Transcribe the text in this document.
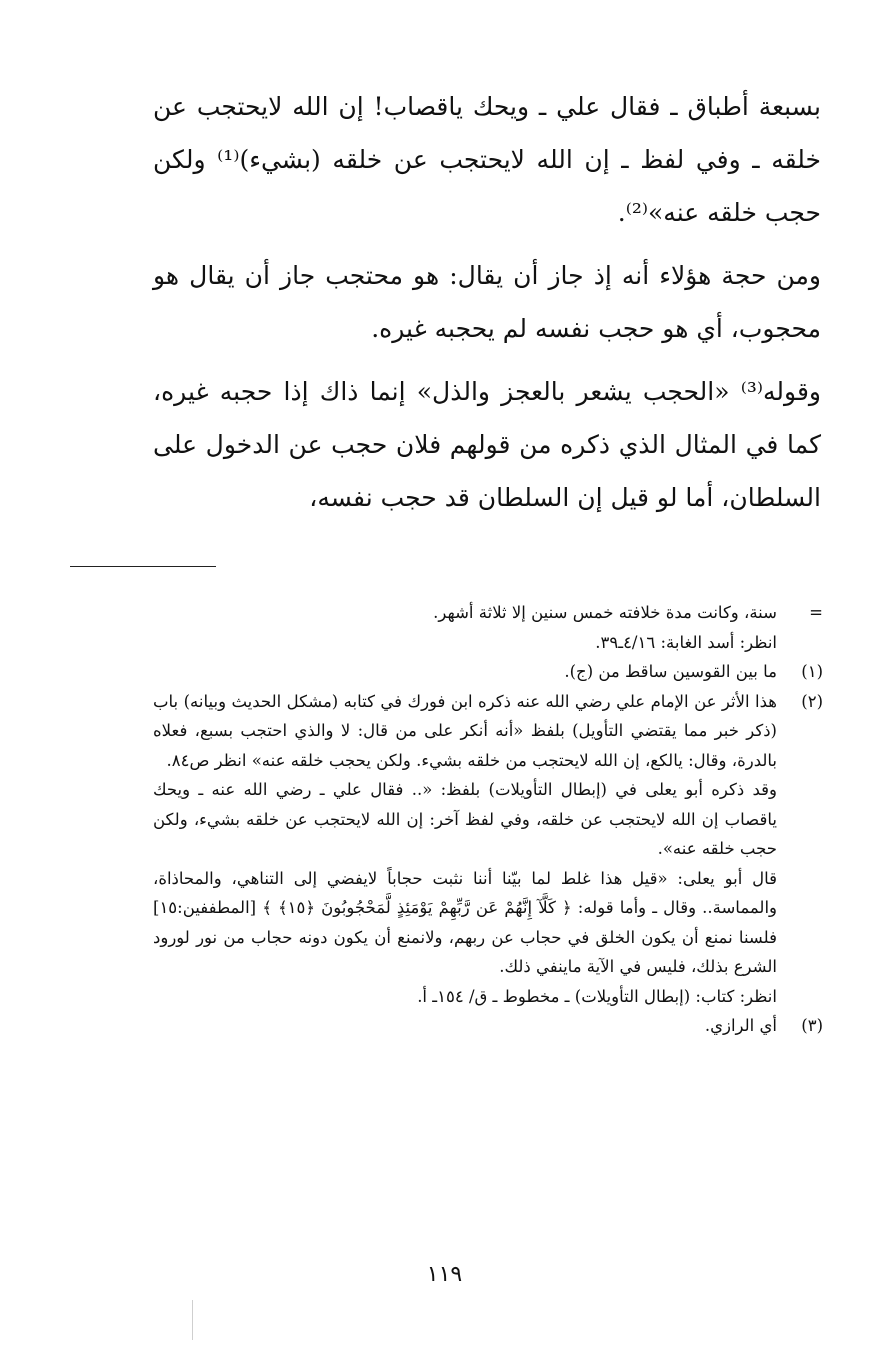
بسبعة أطباق ـ فقال علي ـ ويحك ياقصاب! إن الله لايحتجب عن خلقه ـ وفي لفظ ـ إن الله لايحتجب عن خلقه (بشيء)⁽¹⁾ ولكن حجب خلقه عنه»⁽²⁾.

ومن حجة هؤلاء أنه إذ جاز أن يقال: هو محتجب جاز أن يقال هو محجوب، أي هو حجب نفسه لم يحجبه غيره.

وقوله⁽³⁾ «الحجب يشعر بالعجز والذل» إنما ذاك إذا حجبه غيره، كما في المثال الذي ذكره من قولهم فلان حجب عن الدخول على السلطان، أما لو قيل إن السلطان قد حجب نفسه،

=
سنة، وكانت مدة خلافته خمس سنين إلا ثلاثة أشهر.
انظر: أسد الغابة: ٤/١٦ـ٣٩.
(١)
ما بين القوسين ساقط من (ج).
(٢)
هذا الأثر عن الإمام علي رضي الله عنه ذكره ابن فورك في كتابه (مشكل الحديث وبيانه) باب (ذكر خبر مما يقتضي التأويل) بلفظ «أنه أنكر على من قال: لا والذي احتجب بسبع، فعلاه بالدرة، وقال: يالكع، إن الله لايحتجب من خلقه بشيء. ولكن يحجب خلقه عنه» انظر ص٨٤.
وقد ذكره أبو يعلى في (إبطال التأويلات) بلفظ: «.. فقال علي ـ رضي الله عنه ـ ويحك ياقصاب إن الله لايحتجب عن خلقه، وفي لفظ آخر: إن الله لايحتجب عن خلقه بشيء، ولكن حجب خلقه عنه».
قال أبو يعلى: «قيل هذا غلط لما بيّنا أننا نثبت حجاباً لايفضي إلى التناهي، والمحاذاة، والمماسة.. وقال ـ وأما قوله: ﴿ كَلَّآ إِنَّهُمْ عَن رَّبِّهِمْ يَوْمَئِذٍ لَّمَحْجُوبُونَ ﴿١٥﴾ ﴾ [المطففين:١٥] فلسنا نمنع أن يكون الخلق في حجاب عن ربهم، ولانمنع أن يكون دونه حجاب من نور لورود الشرع بذلك، فليس في الآية ماينفي ذلك.
انظر: كتاب: (إبطال التأويلات) ـ مخطوط ـ ق/ ١٥٤ـ أ.
(٣)
أي الرازي.
١١٩
